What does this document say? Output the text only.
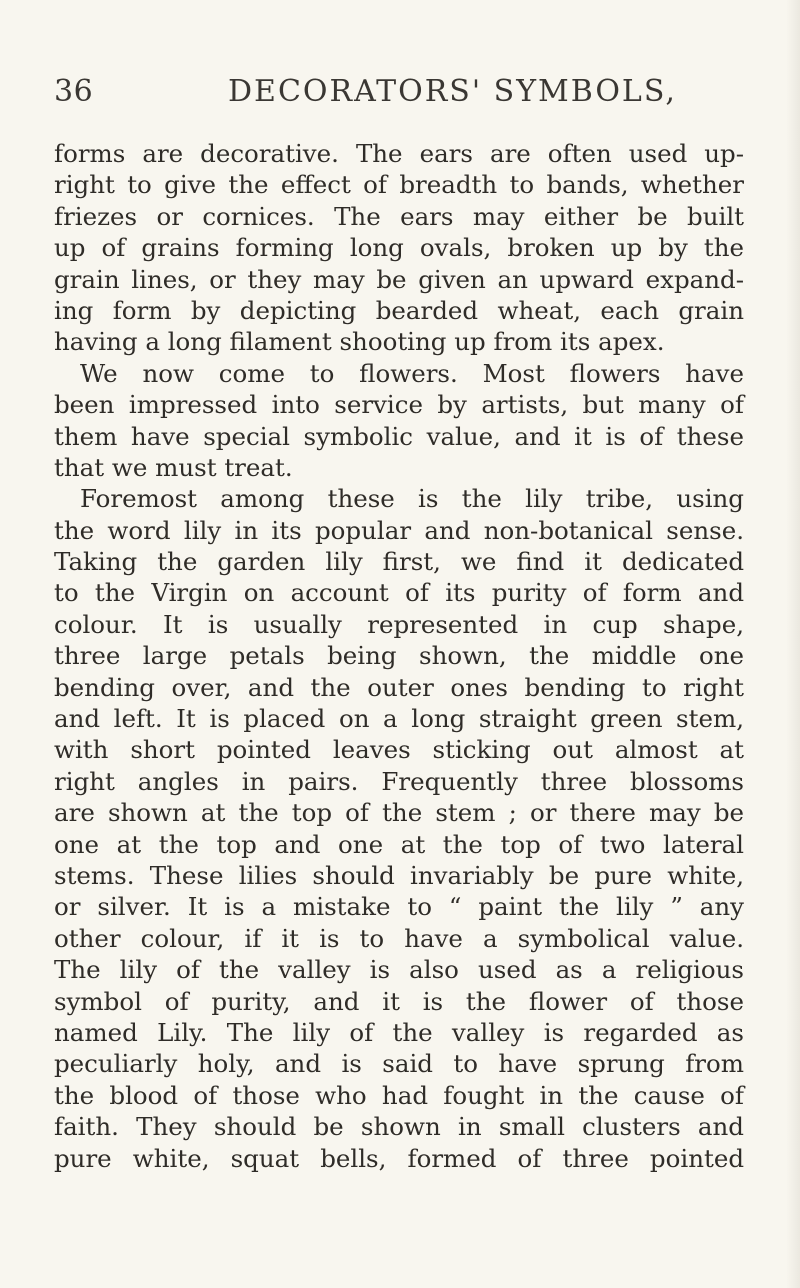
36	DECORATORS' SYMBOLS,
forms are decorative. The ears are often used up-
right to give the effect of breadth to bands, whether
friezes or cornices. The ears may either be built
up of grains forming long ovals, broken up by the
grain lines, or they may be given an upward expand-
ing form by depicting bearded wheat, each grain
having a long filament shooting up from its apex.
We now come to flowers. Most flowers have
been impressed into service by artists, but many of
them have special symbolic value, and it is of these
that we must treat.
Foremost among these is the lily tribe, using
the word lily in its popular and non-botanical sense.
Taking the garden lily first, we find it dedicated
to the Virgin on account of its purity of form and
colour. It is usually represented in cup shape,
three large petals being shown, the middle one
bending over, and the outer ones bending to right
and left. It is placed on a long straight green stem,
with short pointed leaves sticking out almost at
right angles in pairs. Frequently three blossoms
are shown at the top of the stem ; or there may be
one at the top and one at the top of two lateral
stems. These lilies should invariably be pure white,
or silver. It is a mistake to “ paint the lily ” any
other colour, if it is to have a symbolical value.
The lily of the valley is also used as a religious
symbol of purity, and it is the flower of those
named Lily. The lily of the valley is regarded as
peculiarly holy, and is said to have sprung from
the blood of those who had fought in the cause of
faith. They should be shown in small clusters and
pure white, squat bells, formed of three pointed
